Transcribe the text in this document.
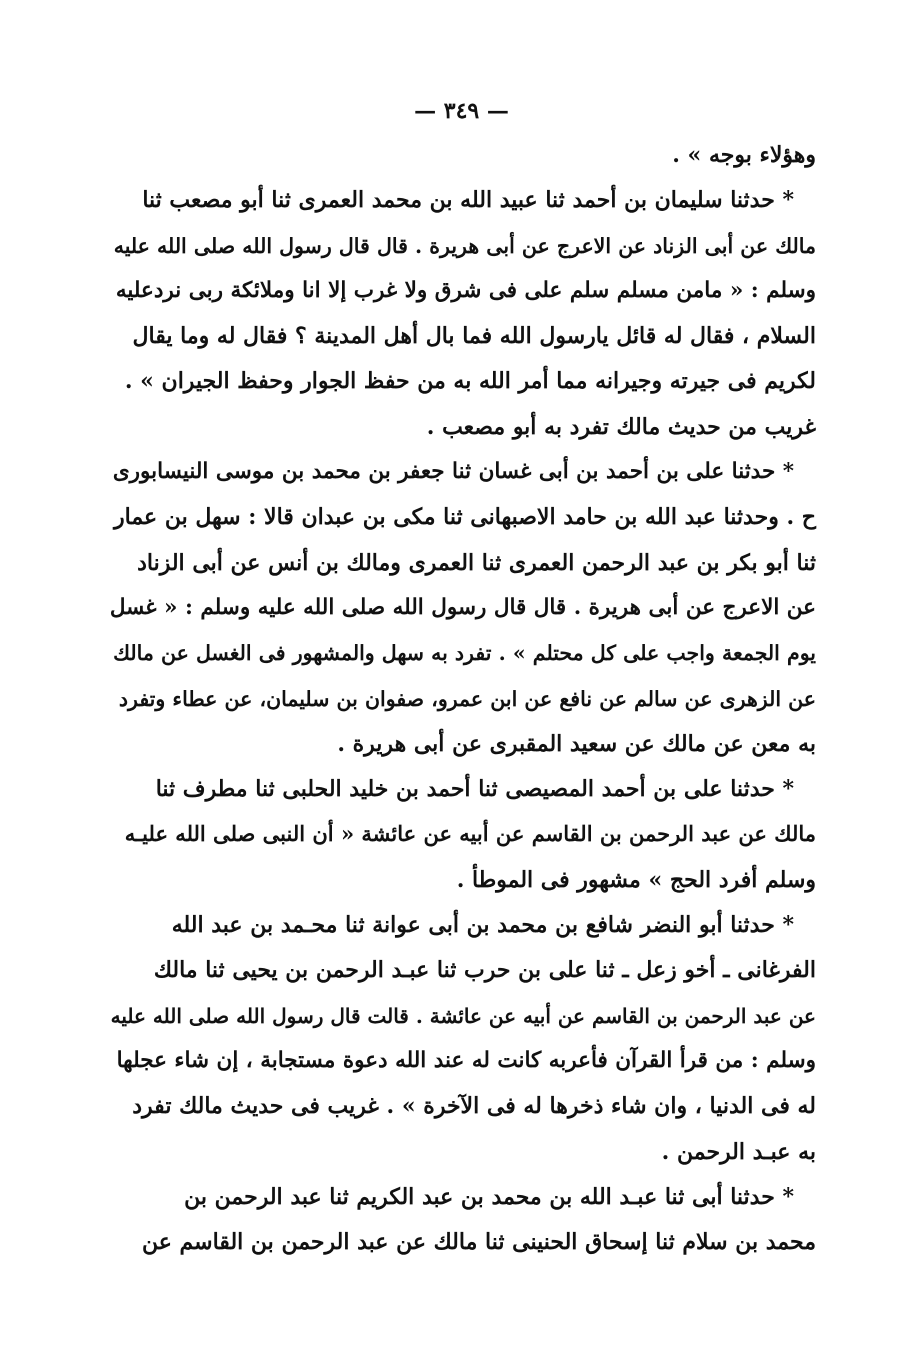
— ٣٤٩ —
وهؤلاء بوجه » .
* حدثنا سليمان بن أحمد ثنا عبيد الله بن محمد العمرى ثنا أبو مصعب ثنا
مالك عن أبى الزناد عن الاعرج عن أبى هريرة . قال قال رسول الله صلى الله عليه
وسلم : « مامن مسلم سلم على فى شرق ولا غرب إلا انا وملائكة ربى نردعليه
السلام ، فقال له قائل يارسول الله فما بال أهل المدينة ؟ فقال له وما يقال
لكريم فى جيرته وجيرانه مما أمر الله به من حفظ الجوار وحفظ الجيران » .
غريب من حديث مالك تفرد به أبو مصعب .
* حدثنا على بن أحمد بن أبى غسان ثنا جعفر بن محمد بن موسى النيسابورى
ح . وحدثنا عبد الله بن حامد الاصبهانى ثنا مكى بن عبدان قالا : سهل بن عمار
ثنا أبو بكر بن عبد الرحمن العمرى ثنا العمرى ومالك بن أنس عن أبى الزناد
عن الاعرج عن أبى هريرة . قال قال رسول الله صلى الله عليه وسلم : « غسل
يوم الجمعة واجب على كل محتلم » . تفرد به سهل والمشهور فى الغسل عن مالك
عن الزهرى عن سالم عن نافع عن ابن عمرو، صفوان بن سليمان، عن عطاء وتفرد
به معن عن مالك عن سعيد المقبرى عن أبى هريرة .
* حدثنا على بن أحمد المصيصى ثنا أحمد بن خليد الحلبى ثنا مطرف ثنا
مالك عن عبد الرحمن بن القاسم عن أبيه عن عائشة « أن النبى صلى الله عليـه
وسلم أفرد الحج » مشهور فى الموطأ .
* حدثنا أبو النضر شافع بن محمد بن أبى عوانة ثنا محـمد بن عبد الله
الفرغانى ـ أخو زعل ـ ثنا على بن حرب ثنا عبـد الرحمن بن يحيى ثنا مالك
عن عبد الرحمن بن القاسم عن أبيه عن عائشة . قالت قال رسول الله صلى الله عليه
وسلم : من قرأ القرآن فأعربه كانت له عند الله دعوة مستجابة ، إن شاء عجلها
له فى الدنيا ، وان شاء ذخرها له فى الآخرة » . غريب فى حديث مالك تفرد
به عبـد الرحمن .
* حدثنا أبى ثنا عبـد الله بن محمد بن عبد الكريم ثنا عبد الرحمن بن
محمد بن سلام ثنا إسحاق الحنينى ثنا مالك عن عبد الرحمن بن القاسم عن
